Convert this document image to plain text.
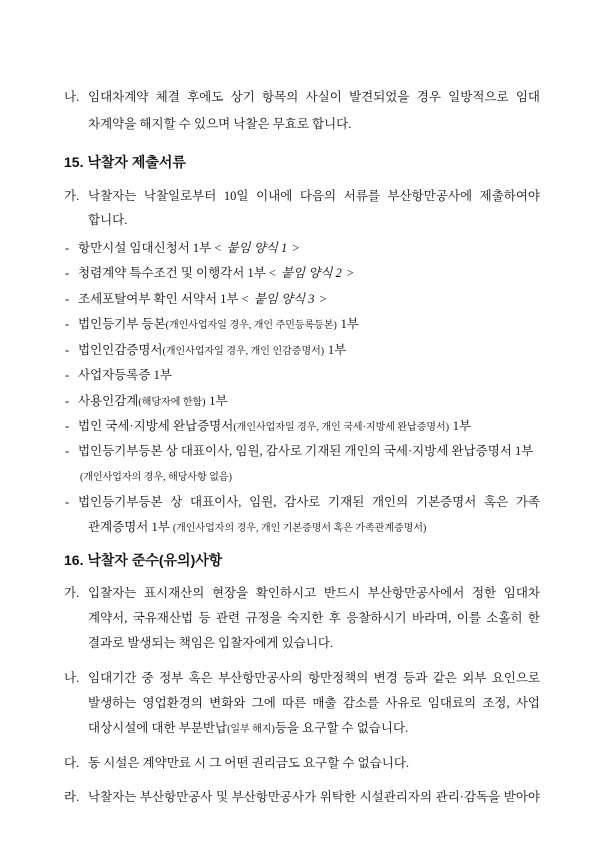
나. 임대차계약 체결 후에도 상기 항목의 사실이 발견되었을 경우 일방적으로 임대
차계약을 해지할 수 있으며 낙찰은 무효로 합니다.
15. 낙찰자 제출서류
가. 낙찰자는 낙찰일로부터 10일 이내에 다음의 서류를 부산항만공사에 제출하여야
합니다.
- 항만시설 임대신청서 1부 < 붙임 양식 1 >
- 청렴계약 특수조건 및 이행각서 1부 < 붙임 양식 2 >
- 조세포탈여부 확인 서약서 1부 < 붙임 양식 3 >
- 법인등기부 등본(개인사업자일 경우, 개인 주민등록등본) 1부
- 법인인감증명서(개인사업자일 경우, 개인 인감증명서) 1부
- 사업자등록증 1부
- 사용인감계(해당자에 한함) 1부
- 법인 국세·지방세 완납증명서(개인사업자일 경우, 개인 국세·지방세 완납증명서) 1부
- 법인등기부등본 상 대표이사, 임원, 감사로 기재된 개인의 국세·지방세 완납증명서 1부
(개인사업자의 경우, 해당사항 없음)
- 법인등기부등본 상 대표이사, 임원, 감사로 기재된 개인의 기본증명서 혹은 가족
관계증명서 1부 (개인사업자의 경우, 개인 기본증명서 혹은 가족관계증명서)
16. 낙찰자 준수(유의)사항
가. 입찰자는 표시재산의 현장을 확인하시고 반드시 부산항만공사에서 정한 임대차
계약서, 국유재산법 등 관련 규정을 숙지한 후 응찰하시기 바라며, 이를 소홀히 한
결과로 발생되는 책임은 입찰자에게 있습니다.
나. 임대기간 중 정부 혹은 부산항만공사의 항만정책의 변경 등과 같은 외부 요인으로
발생하는 영업환경의 변화와 그에 따른 매출 감소를 사유로 임대료의 조정, 사업
대상시설에 대한 부분반납(일부 해지)등을 요구할 수 없습니다.
다. 동 시설은 계약만료 시 그 어떤 권리금도 요구할 수 없습니다.
라. 낙찰자는 부산항만공사 및 부산항만공사가 위탁한 시설관리자의 관리·감독을 받아야
